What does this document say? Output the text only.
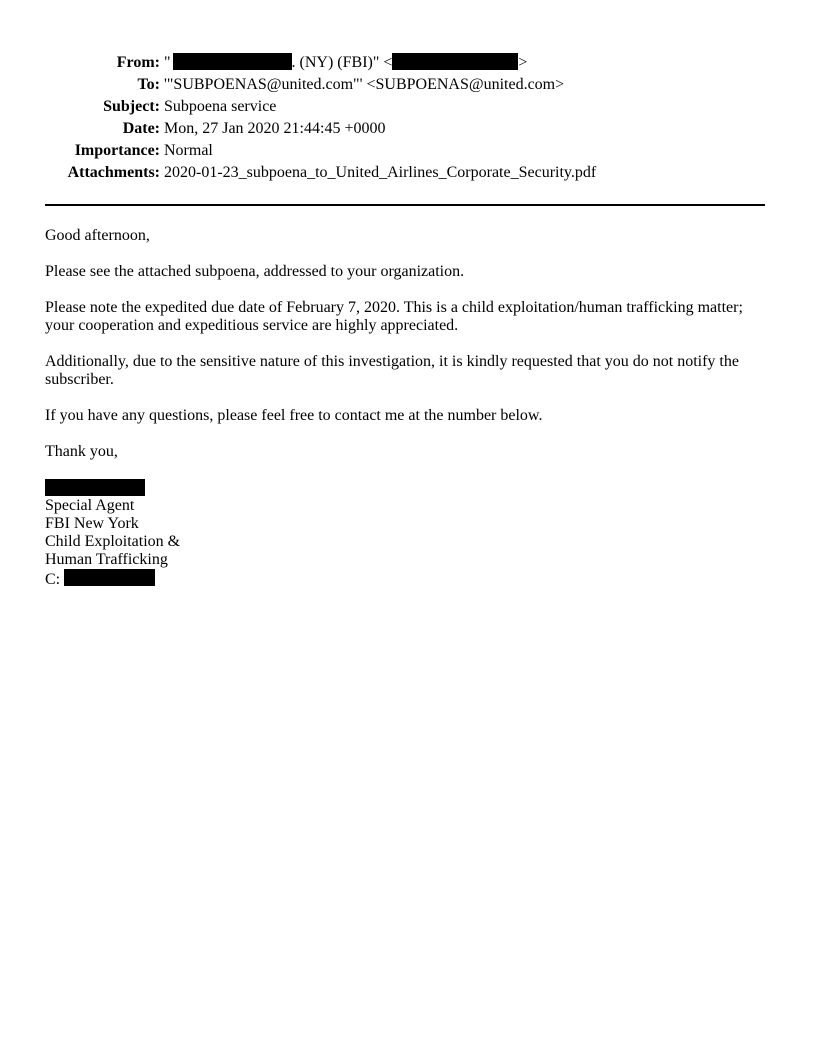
From: "	. (NY) (FBI)" <	>
To: '"SUBPOENAS@united.com"' <SUBPOENAS@united.com>
Subject: Subpoena service
Date: Mon, 27 Jan 2020 21:44:45 +0000
Importance: Normal
Attachments: 2020-01-23_subpoena_to_United_Airlines_Corporate_Security.pdf

Good afternoon,

Please see the attached subpoena, addressed to your organization.

Please note the expedited due date of February 7, 2020. This is a child exploitation/human trafficking matter; your cooperation and expeditious service are highly appreciated.

Additionally, due to the sensitive nature of this investigation, it is kindly requested that you do not notify the subscriber.

If you have any questions, please feel free to contact me at the number below.

Thank you,

Special Agent
FBI New York
Child Exploitation &
Human Trafficking
C:
